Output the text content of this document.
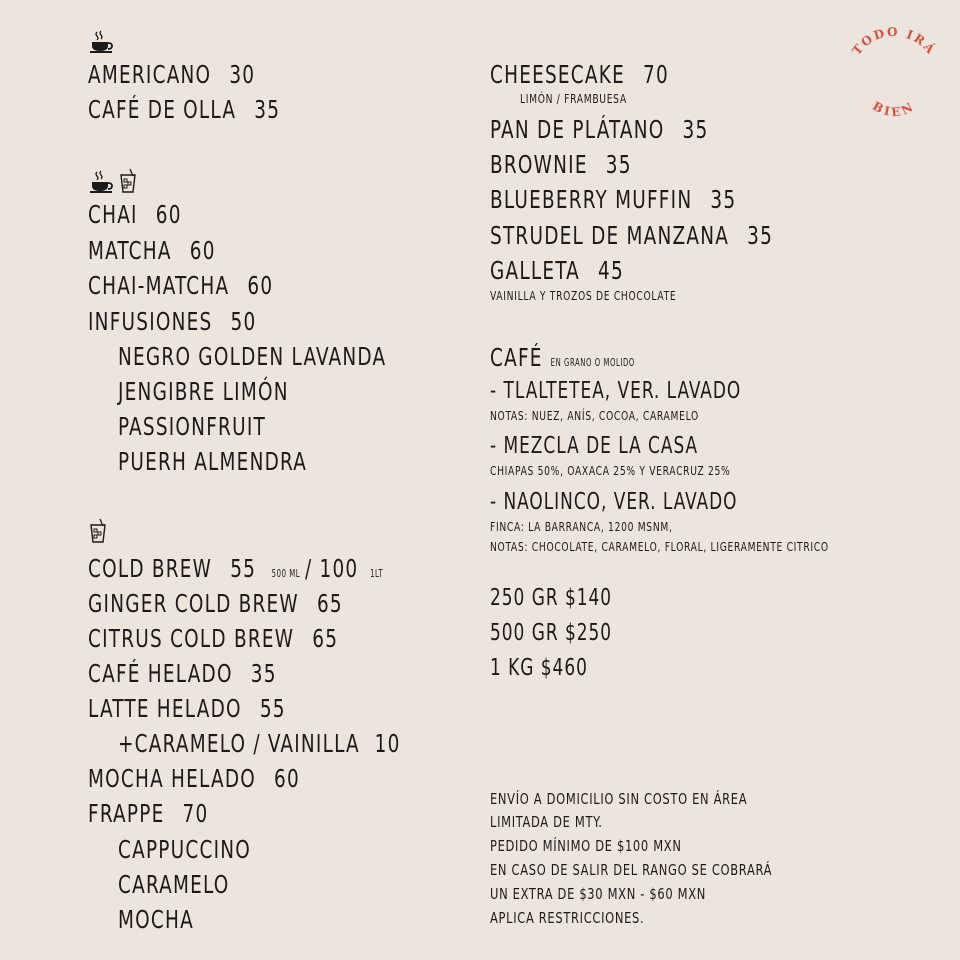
AMERICANO 30
CAFÉ DE OLLA 35
CHAI 60
MATCHA 60
CHAI-MATCHA 60
INFUSIONES 50
NEGRO GOLDEN LAVANDA
JENGIBRE LIMÓN
PASSIONFRUIT
PUERH ALMENDRA
COLD BREW 55 500 ML / 100 1LT
GINGER COLD BREW 65
CITRUS COLD BREW 65
CAFÉ HELADO 35
LATTE HELADO 55
+CARAMELO / VAINILLA 10
MOCHA HELADO 60
FRAPPE 70
CAPPUCCINO
CARAMELO
MOCHA
CHEESECAKE 70
LIMÓN / FRAMBUESA
PAN DE PLÁTANO 35
BROWNIE 35
BLUEBERRY MUFFIN 35
STRUDEL DE MANZANA 35
GALLETA 45
VAINILLA Y TROZOS DE CHOCOLATE
CAFÉ EN GRANO O MOLIDO
- TLALTETEA, VER. LAVADO
NOTAS: NUEZ, ANÍS, COCOA, CARAMELO
- MEZCLA DE LA CASA
CHIAPAS 50%, OAXACA 25% Y VERACRUZ 25%
- NAOLINCO, VER. LAVADO
FINCA: LA BARRANCA, 1200 MSNM,
NOTAS: CHOCOLATE, CARAMELO, FLORAL, LIGERAMENTE CITRICO
250 GR $140
500 GR $250
1 KG $460
ENVÍO A DOMICILIO SIN COSTO EN ÁREA
LIMITADA DE MTY.
PEDIDO MÍNIMO DE $100 MXN
EN CASO DE SALIR DEL RANGO SE COBRARÁ
UN EXTRA DE $30 MXN - $60 MXN
APLICA RESTRICCIONES.
TODO IRÁ
BIEN
